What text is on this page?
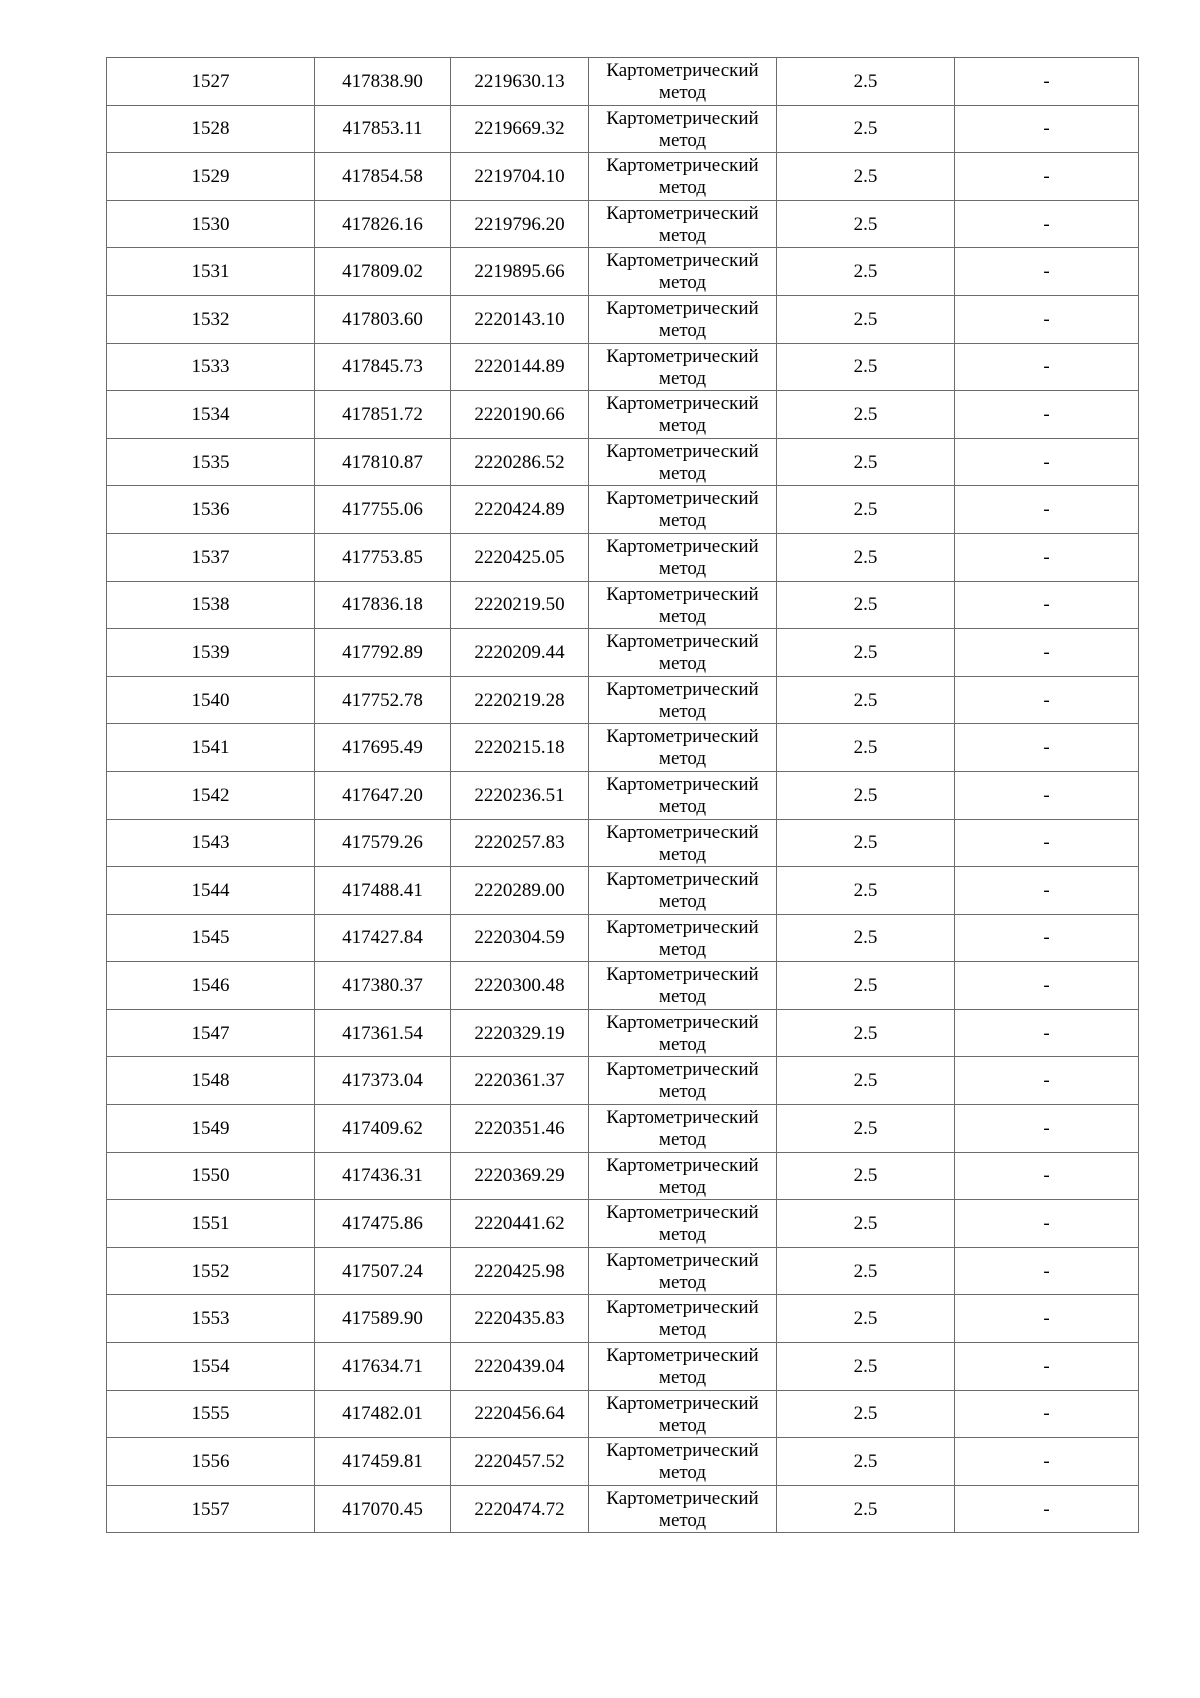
1527	417838.90	2219630.13	Картометрический
метод	2.5	-
1528	417853.11	2219669.32	Картометрический
метод	2.5	-
1529	417854.58	2219704.10	Картометрический
метод	2.5	-
1530	417826.16	2219796.20	Картометрический
метод	2.5	-
1531	417809.02	2219895.66	Картометрический
метод	2.5	-
1532	417803.60	2220143.10	Картометрический
метод	2.5	-
1533	417845.73	2220144.89	Картометрический
метод	2.5	-
1534	417851.72	2220190.66	Картометрический
метод	2.5	-
1535	417810.87	2220286.52	Картометрический
метод	2.5	-
1536	417755.06	2220424.89	Картометрический
метод	2.5	-
1537	417753.85	2220425.05	Картометрический
метод	2.5	-
1538	417836.18	2220219.50	Картометрический
метод	2.5	-
1539	417792.89	2220209.44	Картометрический
метод	2.5	-
1540	417752.78	2220219.28	Картометрический
метод	2.5	-
1541	417695.49	2220215.18	Картометрический
метод	2.5	-
1542	417647.20	2220236.51	Картометрический
метод	2.5	-
1543	417579.26	2220257.83	Картометрический
метод	2.5	-
1544	417488.41	2220289.00	Картометрический
метод	2.5	-
1545	417427.84	2220304.59	Картометрический
метод	2.5	-
1546	417380.37	2220300.48	Картометрический
метод	2.5	-
1547	417361.54	2220329.19	Картометрический
метод	2.5	-
1548	417373.04	2220361.37	Картометрический
метод	2.5	-
1549	417409.62	2220351.46	Картометрический
метод	2.5	-
1550	417436.31	2220369.29	Картометрический
метод	2.5	-
1551	417475.86	2220441.62	Картометрический
метод	2.5	-
1552	417507.24	2220425.98	Картометрический
метод	2.5	-
1553	417589.90	2220435.83	Картометрический
метод	2.5	-
1554	417634.71	2220439.04	Картометрический
метод	2.5	-
1555	417482.01	2220456.64	Картометрический
метод	2.5	-
1556	417459.81	2220457.52	Картометрический
метод	2.5	-
1557	417070.45	2220474.72	Картометрический
метод	2.5	-
